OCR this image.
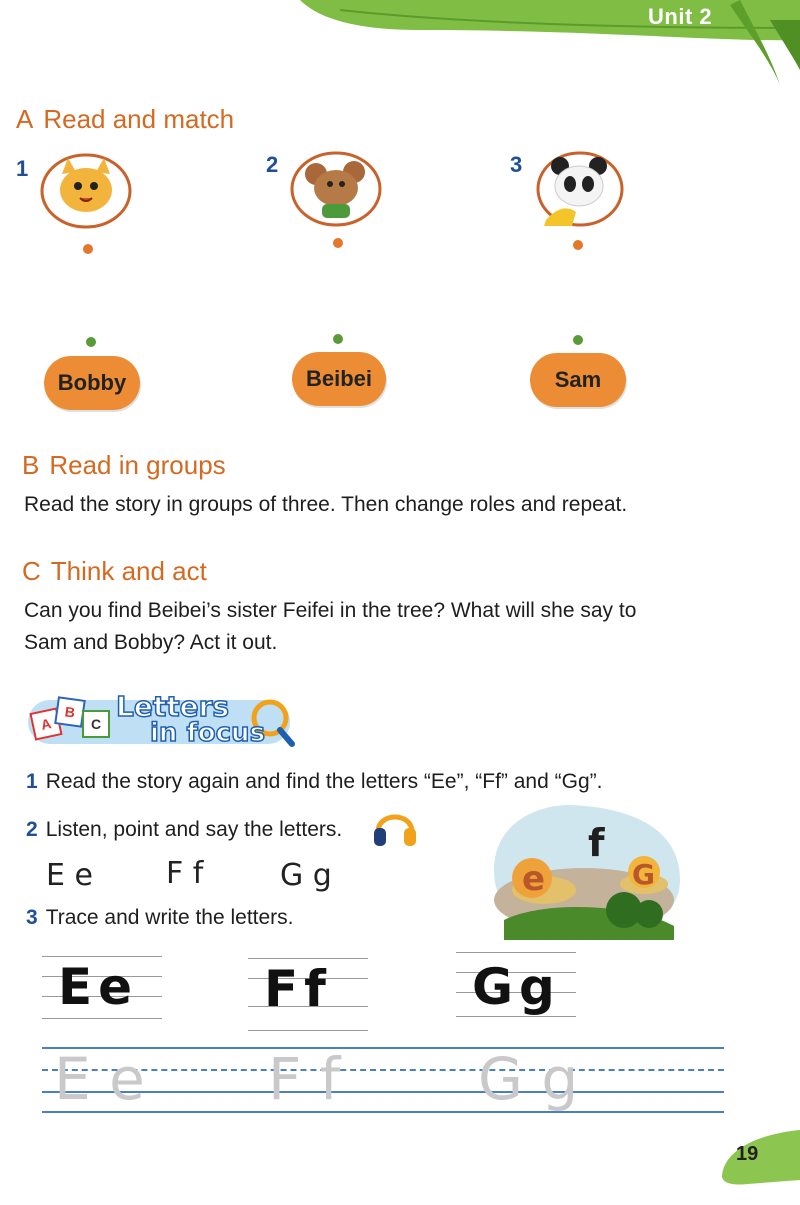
Unit 2
A Read and match
1	2	3
Bobby	Beibei	Sam
B Read in groups
Read the story in groups of three. Then change roles and repeat.
C Think and act
Can you find Beibei’s sister Feifei in the tree? What will she say to
Sam and Bobby? Act it out.
A
B
C
Letters
in focus
1 Read the story again and find the letters “Ee”, “Ff” and “Gg”.
2 Listen, point and say the letters.
E e F f	G g
3 Trace and write the letters.
e	G
f
Ee	Ff	Gg
E e F f G g
19
